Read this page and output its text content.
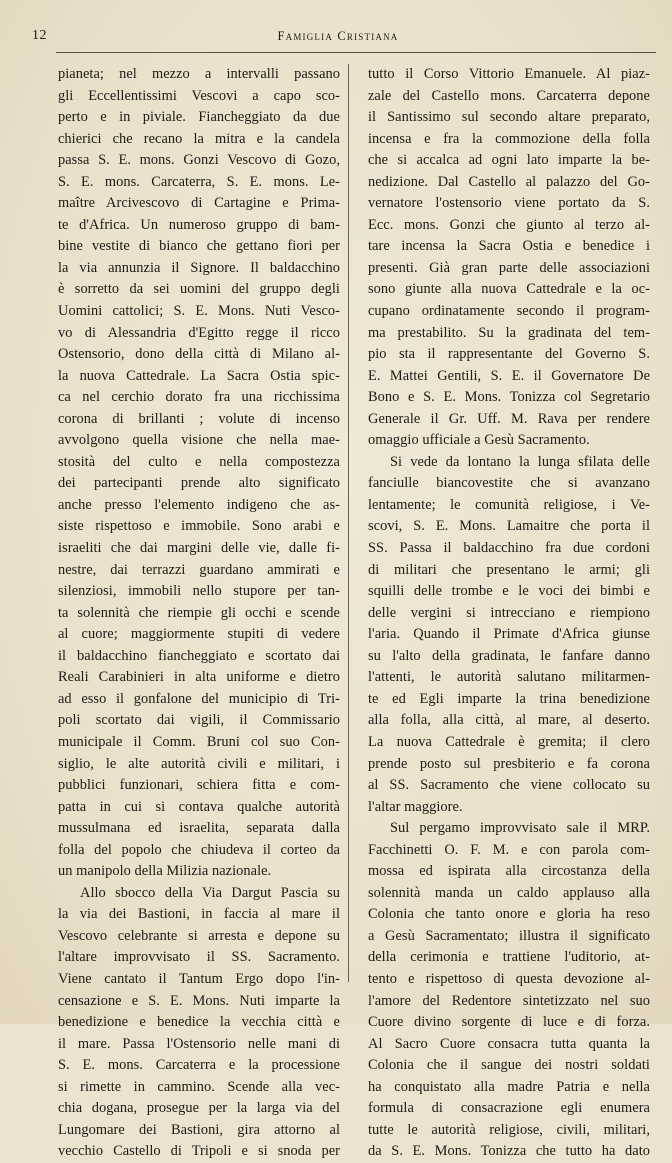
12	Famiglia Cristiana
pianeta; nel mezzo a intervalli passano
gli Eccellentissimi Vescovi a capo sco-
perto e in piviale. Fiancheggiato da due
chierici che recano la mitra e la candela
passa S. E. mons. Gonzi Vescovo di Gozo,
S. E. mons. Carcaterra, S. E. mons. Le-
maître Arcivescovo di Cartagine e Prima-
te d'Africa. Un numeroso gruppo di bam-
bine vestite di bianco che gettano fiori per
la via annunzia il Signore. Il baldacchino
è sorretto da sei uomini del gruppo degli
Uomini cattolici; S. E. Mons. Nuti Vesco-
vo di Alessandria d'Egitto regge il ricco
Ostensorio, dono della città di Milano al-
la nuova Cattedrale. La Sacra Ostia spic-
ca nel cerchio dorato fra una ricchissima
corona di brillanti ; volute di incenso
avvolgono quella visione che nella mae-
stosità del culto e nella compostezza
dei partecipanti prende alto significato
anche presso l'elemento indigeno che as-
siste rispettoso e immobile. Sono arabi e
israeliti che dai margini delle vie, dalle fi-
nestre, dai terrazzi guardano ammirati e
silenziosi, immobili nello stupore per tan-
ta solennità che riempie gli occhi e scende
al cuore; maggiormente stupiti di vedere
il baldacchino fiancheggiato e scortato dai
Reali Carabinieri in alta uniforme e dietro
ad esso il gonfalone del municipio di Tri-
poli scortato dai vigili, il Commissario
municipale il Comm. Bruni col suo Con-
siglio, le alte autorità civili e militari, i
pubblici funzionari, schiera fitta e com-
patta in cui si contava qualche autorità
mussulmana ed israelita, separata dalla
folla del popolo che chiudeva il corteo da
un manipolo della Milizia nazionale.
Allo sbocco della Via Dargut Pascia su
la via dei Bastioni, in faccia al mare il
Vescovo celebrante si arresta e depone su
l'altare improvvisato il SS. Sacramento.
Viene cantato il Tantum Ergo dopo l'in-
censazione e S. E. Mons. Nuti imparte la
benedizione e benedice la vecchia città e
il mare. Passa l'Ostensorio nelle mani di
S. E. mons. Carcaterra e la processione
si rimette in cammino. Scende alla vec-
chia dogana, prosegue per la larga via del
Lungomare dei Bastioni, gira attorno al
vecchio Castello di Tripoli e si snoda per
tutto il Corso Vittorio Emanuele. Al piaz-
zale del Castello mons. Carcaterra depone
il Santissimo sul secondo altare preparato,
incensa e fra la commozione della folla
che si accalca ad ogni lato imparte la be-
nedizione. Dal Castello al palazzo del Go-
vernatore l'ostensorio viene portato da S.
Ecc. mons. Gonzi che giunto al terzo al-
tare incensa la Sacra Ostia e benedice i
presenti. Già gran parte delle associazioni
sono giunte alla nuova Cattedrale e la oc-
cupano ordinatamente secondo il program-
ma prestabilito. Su la gradinata del tem-
pio sta il rappresentante del Governo S.
E. Mattei Gentili, S. E. il Governatore De
Bono e S. E. Mons. Tonizza col Segretario
Generale il Gr. Uff. M. Rava per rendere
omaggio ufficiale a Gesù Sacramento.
Si vede da lontano la lunga sfilata delle
fanciulle biancovestite che si avanzano
lentamente; le comunità religiose, i Ve-
scovi, S. E. Mons. Lamaitre che porta il
SS. Passa il baldacchino fra due cordoni
di militari che presentano le armi; gli
squilli delle trombe e le voci dei bimbi e
delle vergini si intrecciano e riempiono
l'aria. Quando il Primate d'Africa giunse
su l'alto della gradinata, le fanfare danno
l'attenti, le autorità salutano militarmen-
te ed Egli imparte la trina benedizione
alla folla, alla città, al mare, al deserto.
La nuova Cattedrale è gremita; il clero
prende posto sul presbiterio e fa corona
al SS. Sacramento che viene collocato su
l'altar maggiore.
Sul pergamo improvvisato sale il MRP.
Facchinetti O. F. M. e con parola com-
mossa ed ispirata alla circostanza della
solennità manda un caldo applauso alla
Colonia che tanto onore e gloria ha reso
a Gesù Sacramentato; illustra il significato
della cerimonia e trattiene l'uditorio, at-
tento e rispettoso di questa devozione al-
l'amore del Redentore sintetizzato nel suo
Cuore divino sorgente di luce e di forza.
Al Sacro Cuore consacra tutta quanta la
Colonia che il sangue dei nostri soldati
ha conquistato alla madre Patria e nella
formula di consacrazione egli enumera
tutte le autorità religiose, civili, militari,
da S. E. Mons. Tonizza che tutto ha dato
